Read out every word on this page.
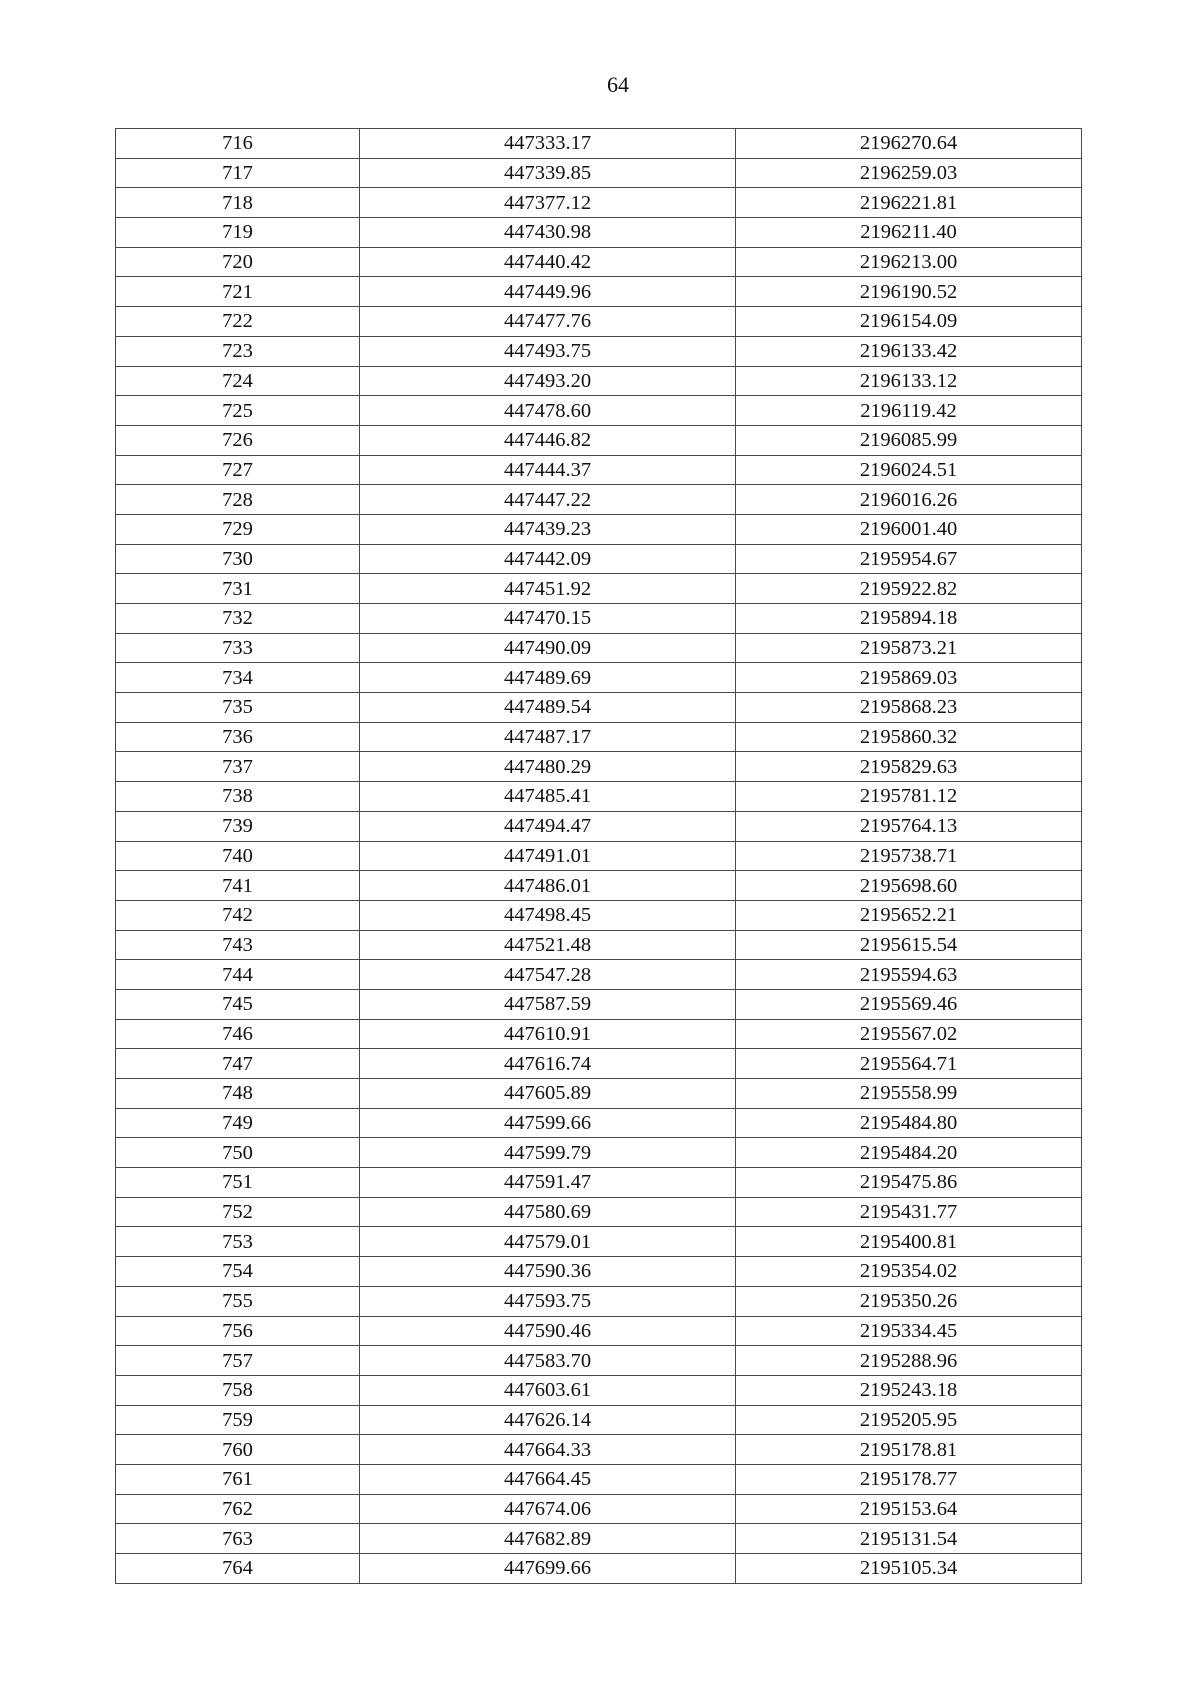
64
716	447333.17	2196270.64
717	447339.85	2196259.03
718	447377.12	2196221.81
719	447430.98	2196211.40
720	447440.42	2196213.00
721	447449.96	2196190.52
722	447477.76	2196154.09
723	447493.75	2196133.42
724	447493.20	2196133.12
725	447478.60	2196119.42
726	447446.82	2196085.99
727	447444.37	2196024.51
728	447447.22	2196016.26
729	447439.23	2196001.40
730	447442.09	2195954.67
731	447451.92	2195922.82
732	447470.15	2195894.18
733	447490.09	2195873.21
734	447489.69	2195869.03
735	447489.54	2195868.23
736	447487.17	2195860.32
737	447480.29	2195829.63
738	447485.41	2195781.12
739	447494.47	2195764.13
740	447491.01	2195738.71
741	447486.01	2195698.60
742	447498.45	2195652.21
743	447521.48	2195615.54
744	447547.28	2195594.63
745	447587.59	2195569.46
746	447610.91	2195567.02
747	447616.74	2195564.71
748	447605.89	2195558.99
749	447599.66	2195484.80
750	447599.79	2195484.20
751	447591.47	2195475.86
752	447580.69	2195431.77
753	447579.01	2195400.81
754	447590.36	2195354.02
755	447593.75	2195350.26
756	447590.46	2195334.45
757	447583.70	2195288.96
758	447603.61	2195243.18
759	447626.14	2195205.95
760	447664.33	2195178.81
761	447664.45	2195178.77
762	447674.06	2195153.64
763	447682.89	2195131.54
764	447699.66	2195105.34
